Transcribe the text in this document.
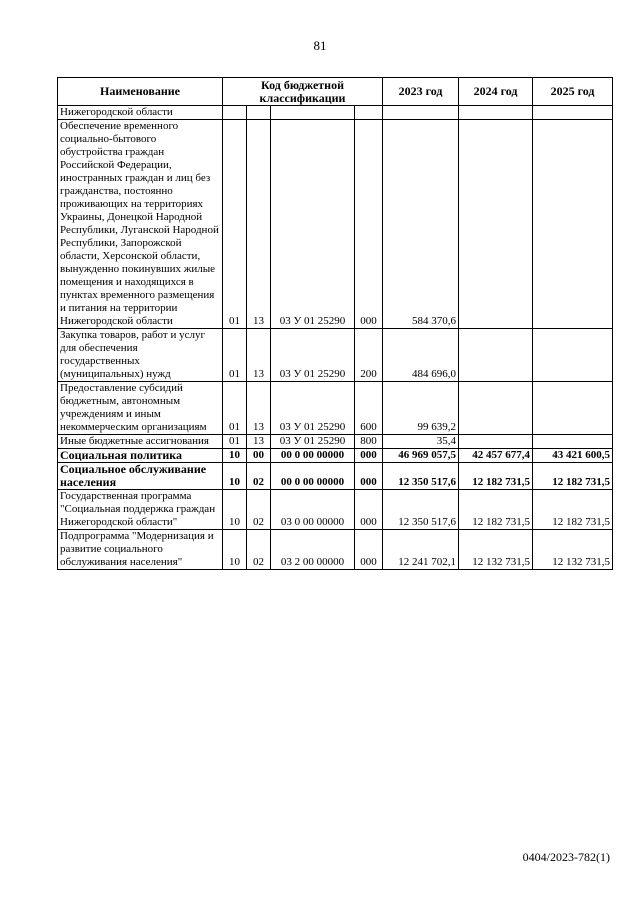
81
Наименование	Код бюджетной классификации				2023 год	2024 год	2025 год
Нижегородской области							
Обеспечение временного социально-бытового обустройства граждан Российской Федерации, иностранных граждан и лиц без гражданства, постоянно проживающих на территориях Украины, Донецкой Народной Республики, Луганской Народной Республики, Запорожской области, Херсонской области, вынужденно покинувших жилые помещения и находящихся в пунктах временного размещения и питания на территории Нижегородской области	01	13	03 У 01 25290	000	584 370,6		
Закупка товаров, работ и услуг для обеспечения государственных (муниципальных) нужд	01	13	03 У 01 25290	200	484 696,0		
Предоставление субсидий бюджетным, автономным учреждениям и иным некоммерческим организациям	01	13	03 У 01 25290	600	99 639,2		
Иные бюджетные ассигнования	01	13	03 У 01 25290	800	35,4		
Социальная политика	10	00	00 0 00 00000	000	46 969 057,5	42 457 677,4	43 421 600,5
Социальное обслуживание населения	10	02	00 0 00 00000	000	12 350 517,6	12 182 731,5	12 182 731,5
Государственная программа "Социальная поддержка граждан Нижегородской области"	10	02	03 0 00 00000	000	12 350 517,6	12 182 731,5	12 182 731,5
Подпрограмма "Модернизация и развитие социального обслуживания населения"	10	02	03 2 00 00000	000	12 241 702,1	12 132 731,5	12 132 731,5
0404/2023-782(1)
